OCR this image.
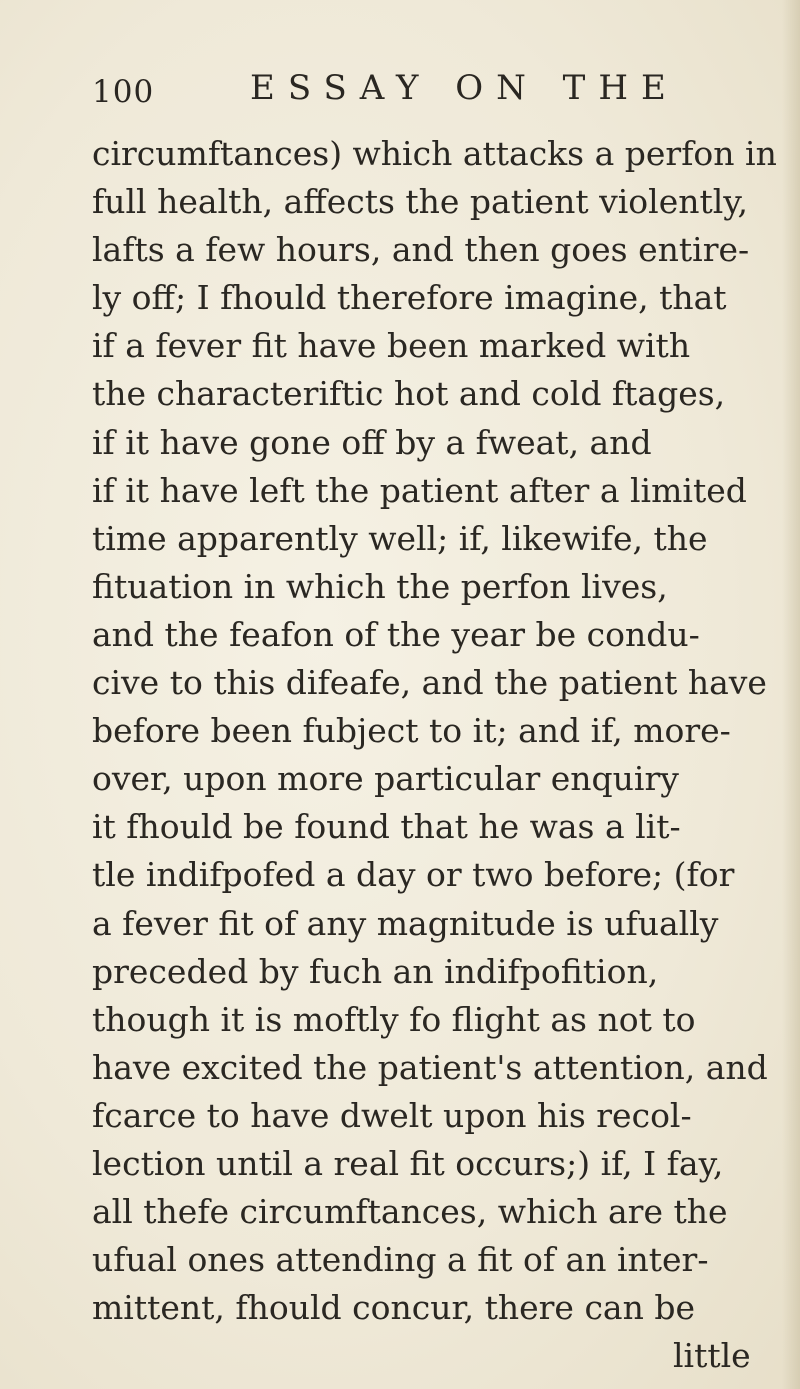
100	ESSAY ON THE
circumftances) which attacks a perfon in
full health, affects the patient violently,
lafts a few hours, and then goes entire-
ly off; I fhould therefore imagine, that
if a fever fit have been marked with
the characteriftic hot and cold ftages,
if it have gone off by a fweat, and
if it have left the patient after a limited
time apparently well; if, likewife, the
fituation in which the perfon lives,
and the feafon of the year be condu-
cive to this difeafe, and the patient have
before been fubject to it; and if, more-
over, upon more particular enquiry
it fhould be found that he was a lit-
tle indifpofed a day or two before; (for
a fever fit of any magnitude is ufually
preceded by fuch an indifpofition,
though it is moftly fo flight as not to
have excited the patient's attention, and
fcarce to have dwelt upon his recol-
lection until a real fit occurs;) if, I fay,
all thefe circumftances, which are the
ufual ones attending a fit of an inter-
mittent, fhould concur, there can be
little
